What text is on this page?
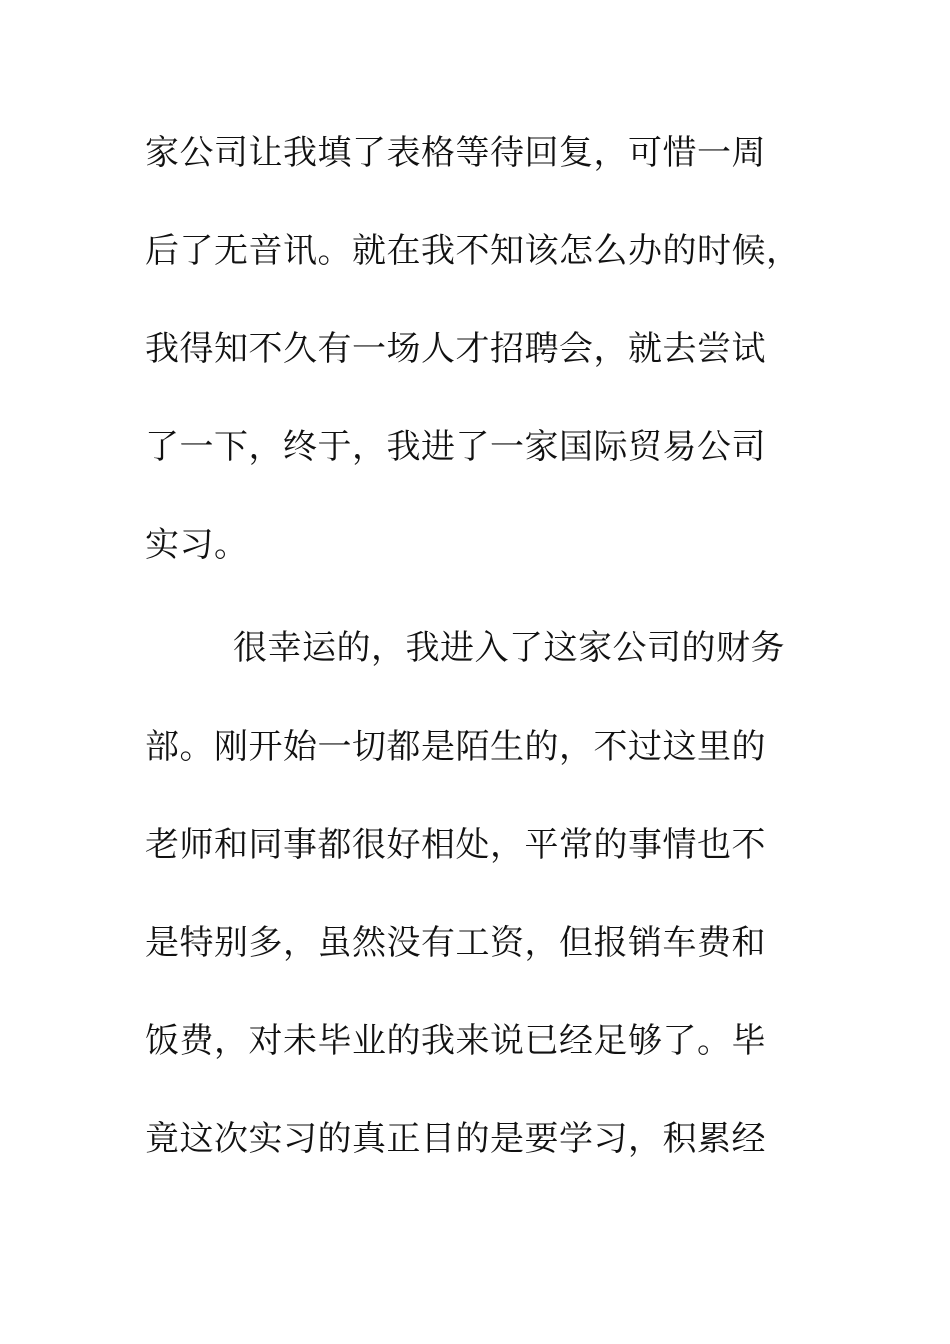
家公司让我填了表格等待回复，可惜一周
后了无音讯。就在我不知该怎么办的时候，
我得知不久有一场人才招聘会，就去尝试
了一下，终于，我进了一家国际贸易公司
实习。
很幸运的，我进入了这家公司的财务
部。刚开始一切都是陌生的，不过这里的
老师和同事都很好相处，平常的事情也不
是特别多，虽然没有工资，但报销车费和
饭费，对未毕业的我来说已经足够了。毕
竟这次实习的真正目的是要学习，积累经
